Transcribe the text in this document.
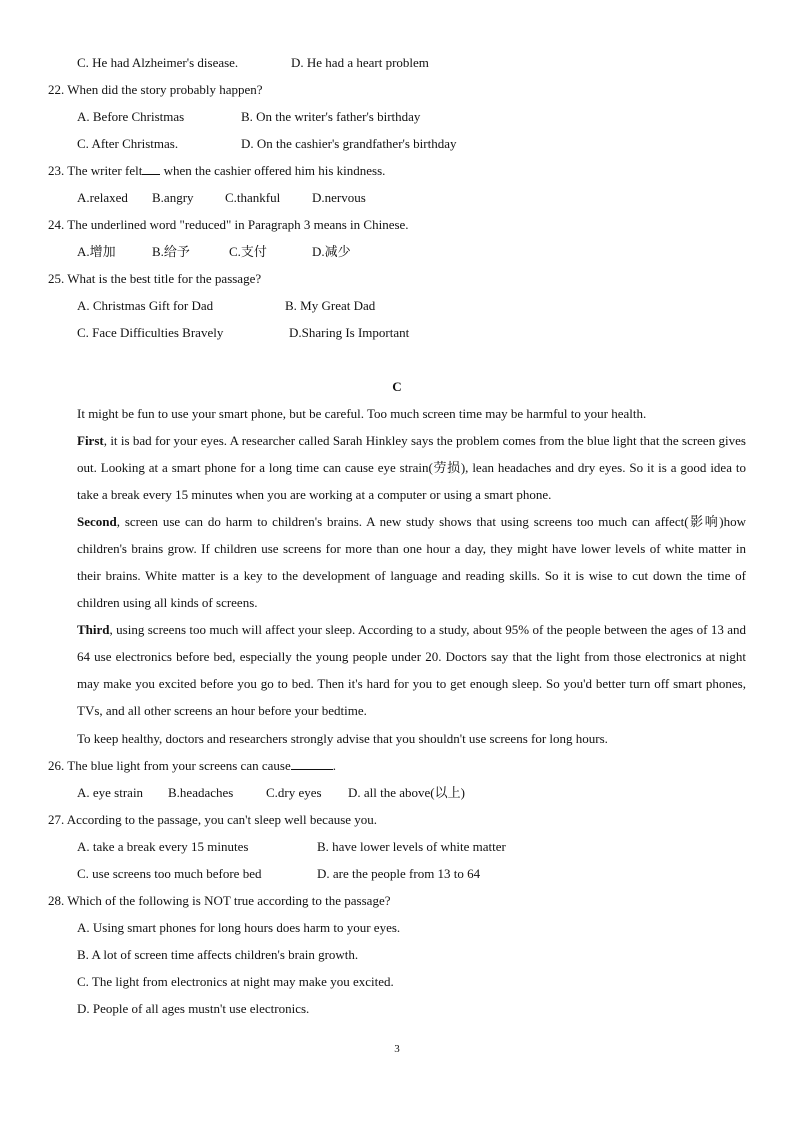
C. He had Alzheimer's disease.	D. He had a heart problem
22. When did the story probably happen?
A. Before Christmas	B. On the writer's father's birthday
C. After Christmas.	D. On the cashier's grandfather's birthday
23. The writer felt when the cashier offered him his kindness.
A.relaxed B.angry C.thankful D.nervous
24. The underlined word "reduced" in Paragraph 3 means in Chinese.
A.增加	B.给予	C.支付	D.减少
25. What is the best title for the passage?
A. Christmas Gift for Dad	B. My Great Dad
C. Face Difficulties Bravely	D.Sharing Is Important
C
It might be fun to use your smart phone, but be careful. Too much screen time may be harmful to your health.
First, it is bad for your eyes. A researcher called Sarah Hinkley says the problem comes from the blue light that the screen gives out. Looking at a smart phone for a long time can cause eye strain(劳损), lean headaches and dry eyes. So it is a good idea to take a break every 15 minutes when you are working at a computer or using a smart phone.
Second, screen use can do harm to children's brains. A new study shows that using screens too much can affect(影响)how children's brains grow. If children use screens for more than one hour a day, they might have lower levels of white matter in their brains. White matter is a key to the development of language and reading skills. So it is wise to cut down the time of children using all kinds of screens.
Third, using screens too much will affect your sleep. According to a study, about 95% of the people between the ages of 13 and 64 use electronics before bed, especially the young people under 20. Doctors say that the light from those electronics at night may make you excited before you go to bed. Then it's hard for you to get enough sleep. So you'd better turn off smart phones, TVs, and all other screens an hour before your bedtime.
To keep healthy, doctors and researchers strongly advise that you shouldn't use screens for long hours.
26. The blue light from your screens can cause	.
A. eye strain B.headaches	C.dry eyes D. all the above(以上)
27. According to the passage, you can't sleep well because you.
A. take a break every 15 minutes	B. have lower levels of white matter
C. use screens too much before bed	D. are the people from 13 to 64
28. Which of the following is NOT true according to the passage?
A. Using smart phones for long hours does harm to your eyes.
B. A lot of screen time affects children's brain growth.
C. The light from electronics at night may make you excited.
D. People of all ages mustn't use electronics.
3
